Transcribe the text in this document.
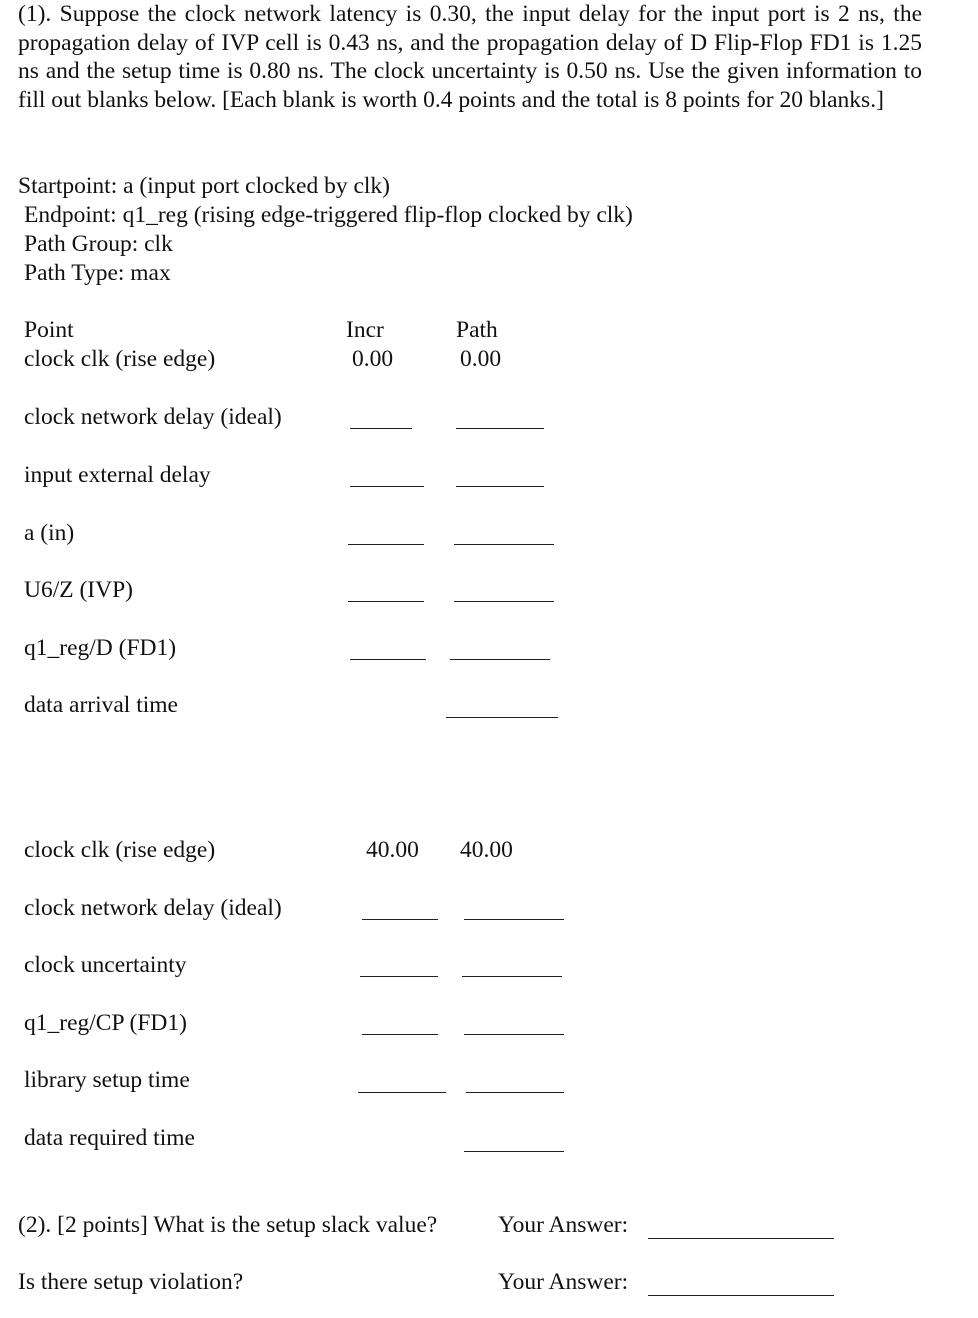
(1). Suppose the clock network latency is 0.30, the input delay for the input port is 2 ns, the propagation delay of IVP cell is 0.43 ns, and the propagation delay of D Flip-Flop FD1 is 1.25 ns and the setup time is 0.80 ns. The clock uncertainty is 0.50 ns. Use the given information to fill out blanks below. [Each blank is worth 0.4 points and the total is 8 points for 20 blanks.]
Startpoint: a (input port clocked by clk)
Endpoint: q1_reg (rising edge-triggered flip-flop clocked by clk)
Path Group: clk
Path Type: max
Point	Incr	Path
clock clk (rise edge)	0.00	0.00
clock network delay (ideal)
input external delay
a (in)
U6/Z (IVP)
q1_reg/D (FD1)
data arrival time
clock clk (rise edge)	40.00 40.00
clock network delay (ideal)
clock uncertainty
q1_reg/CP (FD1)
library setup time
data required time
(2). [2 points] What is the setup slack value?	Your Answer:
Is there setup violation?	Your Answer:
